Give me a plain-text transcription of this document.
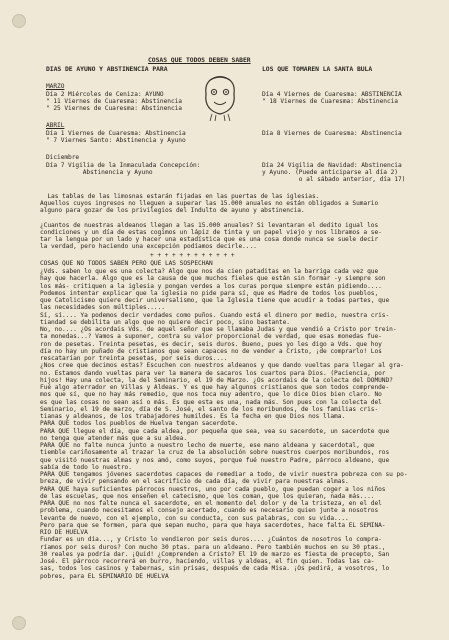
COSAS QUE TODOS DEBEN SABER
DIAS DE AYUNO Y ABSTINENCIA PARA	LOS QUE TOMAREN LA SANTA BULA
MARZO
Día 2 Miércoles de Ceniza: AYUNO
" 11 Viernes de Cuaresma: Abstinencia
" 25 Viernes de Cuaresma: Abstinencia
Día 4 Viernes de Cuaresma: ABSTINENCIA
" 18 Viernes de Cuaresma: Abstinencia
ABRIL
Día 1 Viernes de Cuaresma: Abstinencia
" 7 Viernes Santo: Abstinencia y Ayuno
Día 8 Viernes de Cuaresma: Abstinencia
Diciembre
Día 7 Vigilia de la Inmaculada Concepción:
Abstinencia y Ayuno
Día 24 Vigilia de Navidad: Abstinencia
y Ayuno. (Puede anticiparse al día 2)
o al sábado anterior, día 17)
Las tablas de las limosnas estarán fijadas en las puertas de las iglesias.
Aquellos cuyos ingresos no lleguen a superar las 15.000 anuales no están obligados a Sumario
alguno para gozar de los privilegios del Indulto de ayuno y abstinencia.
¿Cuantos de nuestras aldeanos llegan a las 15.000 anuales? Si levantaran el dedito igual los
condiciones y un día de estas cogimos un lápiz de tinta y un papel viejo y nos libramos a se-
tar la lengua por un lado y hacer una estadística que es una cosa donde nunca se suele decir
la verdad, pero haciendo una excepción podíamos decirle....
+ + + + + + + + + + + +
COSAS QUE NO TODOS SABEN PERO QUE LAS SOSPECHAN
¿Vds. saben lo que es una colecta? Algo que nos da cien pataditas en la barriga cada vez que
hay que hacerla. Algo que es la causa de que muchos fieles que están sin formar -y siempre son
los más- critiquen a la iglesia y pongan verdes a los curas porque siempre están pidiendo....
Podemos intentar explicar que la iglesia no pide para sí, que es Madre de todos los pueblos,
que Catolicismo quiere decir universalismo, que la Iglesia tiene que acudir a todas partes, que
las necesidades son múltiples.....
Sí, sí.... Ya podemos decir verdades como puños. Cuando está el dinero por medio, nuestra cris-
tiandad se debilita un algo que no quiere decir poco, sino bastante.
No, no.... ¿Os acordais Vds. de aquel señor que se llamaba Judas y que vendió a Cristo por trein-
ta monedas...? Vamos a suponer, contra su valor proporcional de verdad, que esas monedas fue-
ron de pesetas. Treinta pesetas, es decir, seis duros. Bueno, pues yo les digo a Vds. que hoy
día no hay un puñado de cristianos que sean capaces no de vender a Cristo, ¡de comprarlo! Los
rescatarían por treinta pesetas, por seis duros....
¿Nos cree que decimos estas? Escuchen con nuestros aldeanos y que dando vueltas para llegar al gra-
no. Estamos dando vueltas para ver la manera de sacaros los cuartos para Dios. (Paciencia, por
hijos! Hay una colecta, la del Seminario, el 19 de Marzo. ¿Os acordais de la colecta del DOMUND?
Fué algo aterrador en Villas y Aldeas. Y es que hay algunos cristianos que son todos comprende-
mos que sí, que no hay más remedio, que nos toca muy adentro, que lo dice Dios bien claro. No
es que las cosas no sean así o más. Es que esta es una, nada más. Son pues con la colecta del
Seminario, el 19 de marzo, día de S. José, el santo de los moribundos, de los familias cris-
tianas y aldeanos, de los trabajadores humildes. Es la fecha en que Dios nos llama.
PARA QUE todos los pueblos de Huelva tengan sacerdote.
PARA QUE llegue el día, que cada aldea, por pequeña que sea, vea su sacerdote, un sacerdote que
no tenga que atender más que a su aldea.
PARA QUE no falte nunca junto a nuestro lecho de muerte, ese mano aldeana y sacerdotal, que
tiemble cariñosamente al trazar la cruz de la absolución sobre nuestros cuerpos moribundos, ros
que visitó nuestras almas y nos amó, como suyos, porque fué nuestro Padre, párroco aldeano, que
sabía de todo lo nuestro.
PARA QUE tengamos jóvenes sacerdotes capaces de remediar a todo, de vivir nuestra pobreza con su po-
breza, de vivir pensando en el sacrificio de cada día, de vivir para nuestras almas.
PARA QUE haya suficientes párrocos nuestros, uno por cada pueblo, que puedan coger a los niños
de las escuelas, que nos enseñen el catecismo, que los coman, que los quieran, nada más....
PARA QUE no nos falte nunca el sacerdote, en el momento del dolor y de la tristeza, en el del
problema, cuando necesitamos el consejo acertado, cuando es necesario quien junte a nosotros
levante de nuevo, con el ejemplo, con su conducta, con sus palabras, con su vida....
Pero para que se formen, para que sepan mucho, para que haya sacerdotes, hace falta EL SEMINA-
RIO DE HUELVA
Fundar es un día..., y Cristo lo vendieron por seis duros.... ¿Cuántos de nosotros lo compra-
ríamos por seis duros? Con mucho 30 ptas. para un aldeano. Pero también muchos en su 30 ptas.,
30 reales ya podría dar. ¡Quid! ¿Comprenden a Cristo? El 19 de marzo es fiesta de precepto, San
José. El párroco recorrerá en burro, haciendo, villas y aldeas, el fin quien. Todas las ca-
sas, todos los casinos y tabernas, sin prisas, después de cada Misa. ¡Os pedirá, a vosotros, lo
pobres, para EL SEMINARIO DE HUELVA
